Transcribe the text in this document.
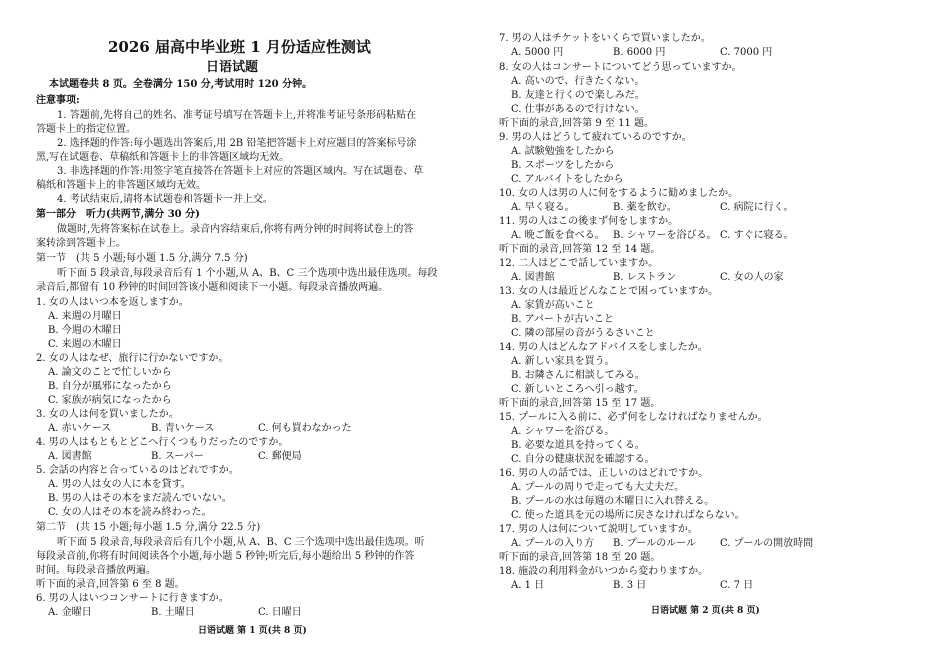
2026 届高中毕业班 1 月份适应性测试
日语试题
本试题卷共 8 页。全卷满分 150 分,考试用时 120 分钟。
注意事项:
1. 答题前,先将自己的姓名、准考证号填写在答题卡上,并将准考证号条形码粘贴在
答题卡上的指定位置。
2. 选择题的作答:每小题选出答案后,用 2B 铅笔把答题卡上对应题目的答案标号涂
黑,写在试题卷、草稿纸和答题卡上的非答题区域均无效。
3. 非选择题的作答:用签字笔直接答在答题卡上对应的答题区域内。写在试题卷、草
稿纸和答题卡上的非答题区域均无效。
4. 考试结束后,请将本试题卷和答题卡一并上交。
第一部分　听力(共两节,满分 30 分)
做题时,先将答案标在试卷上。录音内容结束后,你将有两分钟的时间将试卷上的答
案转涂到答题卡上。
第一节　(共 5 小题;每小题 1.5 分,满分 7.5 分)
听下面 5 段录音,每段录音后有 1 个小题,从 A、B、C 三个选项中选出最佳选项。每段
录音后,都留有 10 秒钟的时间回答该小题和阅读下一小题。每段录音播放两遍。
1. 女の人はいつ本を返しますか。
A. 来週の月曜日
B. 今週の木曜日
C. 来週の木曜日
2. 女の人はなぜ、旅行に行かないですか。
A. 論文のことで忙しいから
B. 自分が風邪になったから
C. 家族が病気になったから
3. 女の人は何を買いましたか。
A. 赤いケース	B. 青いケース	C. 何も買わなかった
4. 男の人はもともとどこへ行くつもりだったのですか。
A. 図書館	B. スーパー	C. 郵便局
5. 会話の内容と合っているのはどれですか。
A. 男の人は女の人に本を貸す。
B. 男の人はその本をまだ読んでいない。
C. 女の人はその本を読み終わった。
第二节　(共 15 小题;每小题 1.5 分,满分 22.5 分)
听下面 5 段录音,每段录音后有几个小题,从 A、B、C 三个选项中选出最佳选项。听
每段录音前,你将有时间阅读各个小题,每小题 5 秒钟;听完后,每小题给出 5 秒钟的作答
时间。每段录音播放两遍。
听下面的录音,回答第 6 至 8 题。
6. 男の人はいつコンサートに行きますか。
A. 金曜日	B. 土曜日	C. 日曜日
日语试题 第 1 页(共 8 页)
7. 男の人はチケットをいくらで買いましたか。
A. 5000 円	B. 6000 円	C. 7000 円
8. 女の人はコンサートについてどう思っていますか。
A. 高いので、行きたくない。
B. 友達と行くので楽しみだ。
C. 仕事があるので行けない。
听下面的录音,回答第 9 至 11 题。
9. 男の人はどうして疲れているのですか。
A. 試験勉強をしたから
B. スポーツをしたから
C. アルバイトをしたから
10. 女の人は男の人に何をするように勧めましたか。
A. 早く寝る。	B. 薬を飲む。	C. 病院に行く。
11. 男の人はこの後まず何をしますか。
A. 晩ご飯を食べる。 B. シャワーを浴びる。 C. すぐに寝る。
听下面的录音,回答第 12 至 14 题。
12. 二人はどこで話していますか。
A. 図書館	B. レストラン	C. 女の人の家
13. 女の人は最近どんなことで困っていますか。
A. 家賃が高いこと
B. アパートが古いこと
C. 隣の部屋の音がうるさいこと
14. 男の人はどんなアドバイスをしましたか。
A. 新しい家具を買う。
B. お隣さんに相談してみる。
C. 新しいところへ引っ越す。
听下面的录音,回答第 15 至 17 题。
15. プールに入る前に、必ず何をしなければなりませんか。
A. シャワーを浴びる。
B. 必要な道具を持ってくる。
C. 自分の健康状況を確認する。
16. 男の人の話では、正しいのはどれですか。
A. プールの周りで走っても大丈夫だ。
B. プールの水は毎週の木曜日に入れ替える。
C. 使った道具を元の場所に戻さなければならない。
17. 男の人は何について説明していますか。
A. プールの入り方 B. プールのルール C. プールの開放時間
听下面的录音,回答第 18 至 20 题。
18. 施設の利用料金がいつから変わりますか。
A. 1 日	B. 3 日	C. 7 日
日语试题 第 2 页(共 8 页)
